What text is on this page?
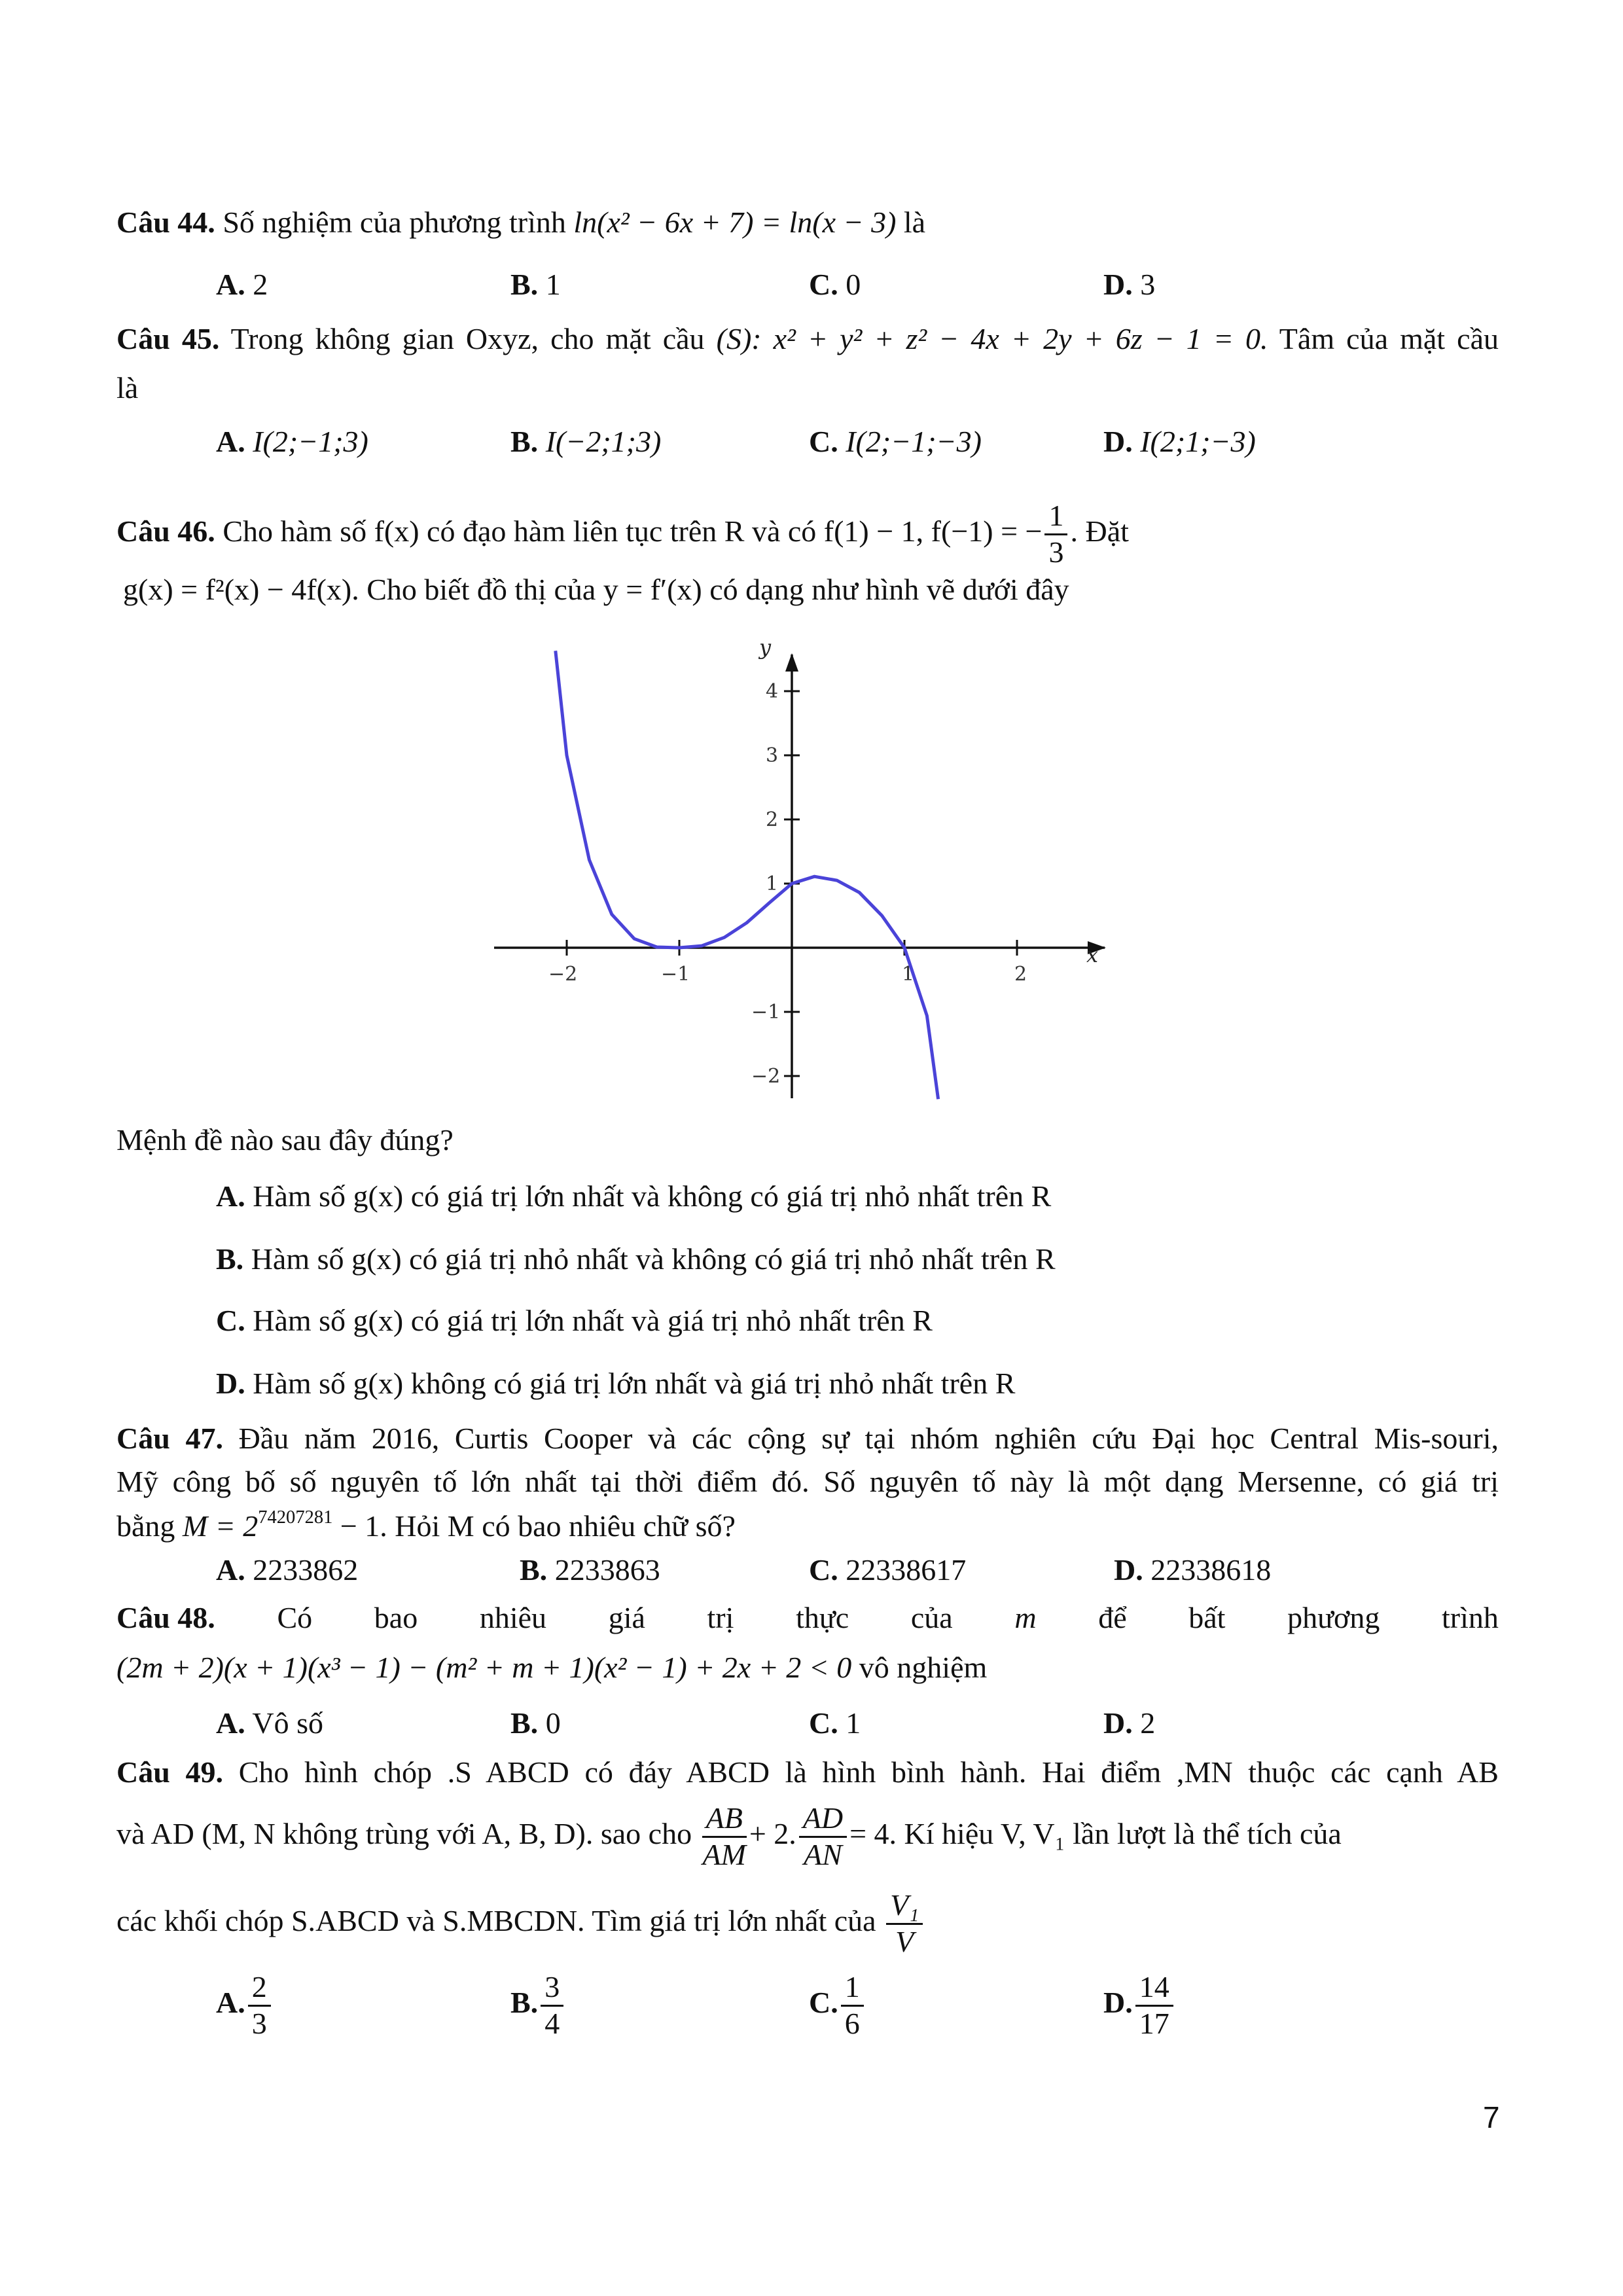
Câu 44. Số nghiệm của phương trình ln(x² − 6x + 7) = ln(x − 3) là
A. 2	B. 1	C. 0	D. 3
Câu 45. Trong không gian Oxyz, cho mặt cầu (S): x² + y² + z² − 4x + 2y + 6z − 1 = 0. Tâm của mặt cầu
là
A. I(2;−1;3)	B. I(−2;1;3)	C. I(2;−1;−3)	D. I(2;1;−3)
Câu 46. Cho hàm số f(x) có đạo hàm liên tục trên R và có f(1) − 1, f(−1) = − $\frac{1}{3}$ . Đặt
g(x) = f²(x) − 4f(x). Cho biết đồ thị của y = f′(x) có dạng như hình vẽ dưới đây
−2	−1	1	2
4
3
2
1
−1
−2
x
y
Mệnh đề nào sau đây đúng?
A. Hàm số g(x) có giá trị lớn nhất và không có giá trị nhỏ nhất trên R
B. Hàm số g(x) có giá trị nhỏ nhất và không có giá trị nhỏ nhất trên R
C. Hàm số g(x) có giá trị lớn nhất và giá trị nhỏ nhất trên R
D. Hàm số g(x) không có giá trị lớn nhất và giá trị nhỏ nhất trên R
Câu 47. Đầu năm 2016, Curtis Cooper và các cộng sự tại nhóm nghiên cứu Đại học Central Mis-souri,
Mỹ công bố số nguyên tố lớn nhất tại thời điểm đó. Số nguyên tố này là một dạng Mersenne, có giá trị
bằng $M = 2^{74207281} - 1$. Hỏi M có bao nhiêu chữ số?
A. 2233862	B. 2233863	C. 22338617	D. 22338618
Câu 48. Có bao nhiêu giá trị thực của m để bất phương trình
(2m + 2)(x + 1)(x³ − 1) − (m² + m + 1)(x² − 1) + 2x + 2 < 0 vô nghiệm
A. Vô số	B. 0	C. 1	D. 2
Câu 49. Cho hình chóp .S ABCD có đáy ABCD là hình bình hành. Hai điểm ,MN thuộc các cạnh AB
và AD (M, N không trùng với A, B, D). sao cho $\frac{AB}{AM} + 2$. $\frac{AD}{AN} = 4$. Kí hiệu V, V₁ lần lượt là thể tích của
các khối chóp S.ABCD và S.MBCDN. Tìm giá trị lớn nhất của $\frac{\text{V₁}}{V}$
A. $\frac{2}{3}$	B. $\frac{3}{4}$	C. $\frac{1}{6}$	D. $\frac{14}{17}$
7
